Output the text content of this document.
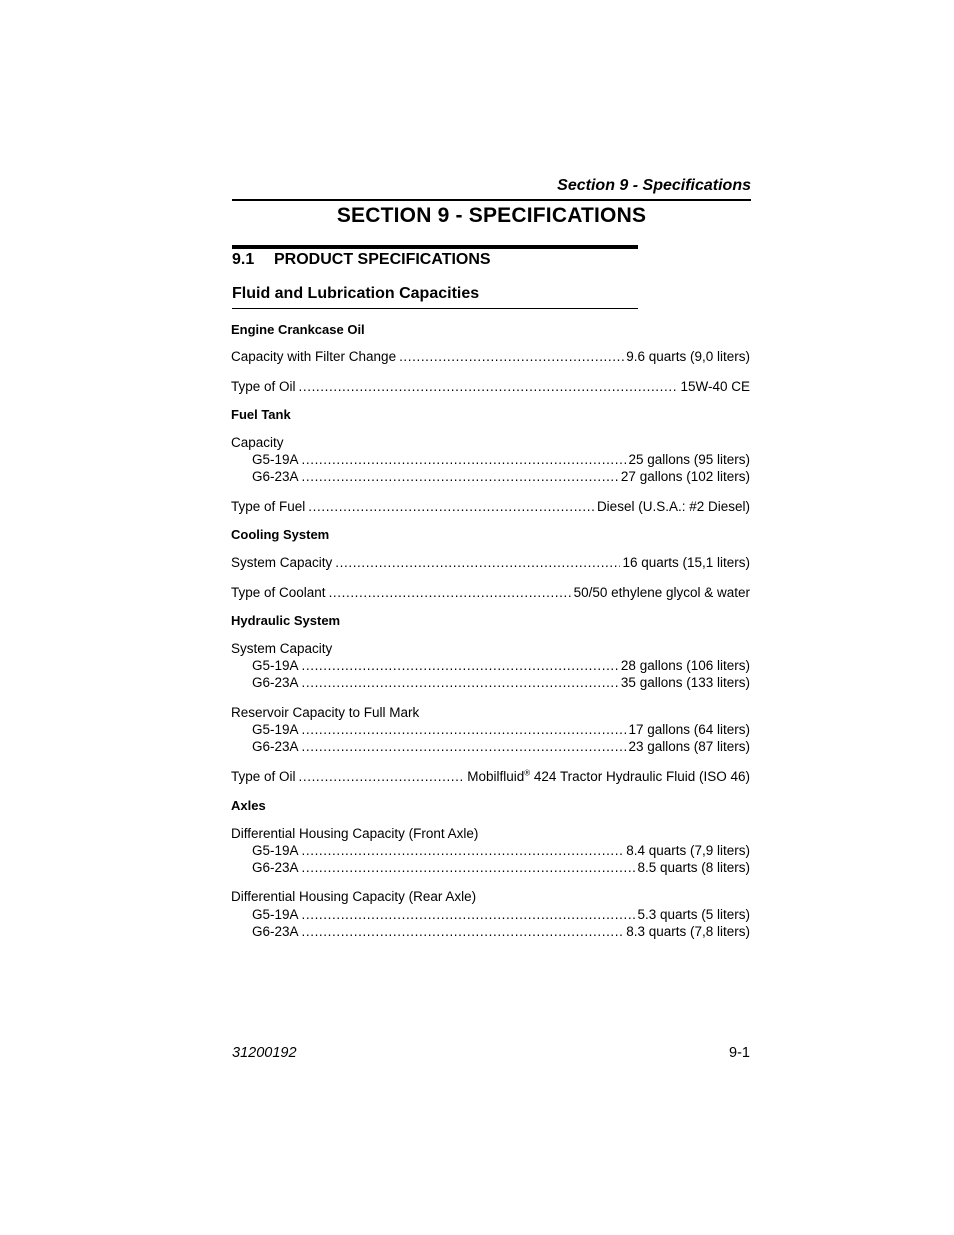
Section 9 - Specifications
SECTION 9 - SPECIFICATIONS
9.1 PRODUCT SPECIFICATIONS
Fluid and Lubrication Capacities
Engine Crankcase Oil
Capacity with Filter Change .....	9.6 quarts (9,0 liters)
Type of Oil .....	15W-40 CE
Fuel Tank
Capacity
G5-19A .....	25 gallons (95 liters)
G6-23A .....	27 gallons (102 liters)
Type of Fuel .....	Diesel (U.S.A.: #2 Diesel)
Cooling System
System Capacity .....	16 quarts (15,1 liters)
Type of Coolant .....	50/50 ethylene glycol & water
Hydraulic System
System Capacity
G5-19A .....	28 gallons (106 liters)
G6-23A .....	35 gallons (133 liters)
Reservoir Capacity to Full Mark
G5-19A .....	17 gallons (64 liters)
G6-23A .....	23 gallons (87 liters)
Type of Oil .....	Mobilfluid® 424 Tractor Hydraulic Fluid (ISO 46)
Axles
Differential Housing Capacity (Front Axle)
G5-19A .....	8.4 quarts (7,9 liters)
G6-23A .....	8.5 quarts (8 liters)
Differential Housing Capacity (Rear Axle)
G5-19A .....	5.3 quarts (5 liters)
G6-23A .....	8.3 quarts (7,8 liters)
31200192	9-1
